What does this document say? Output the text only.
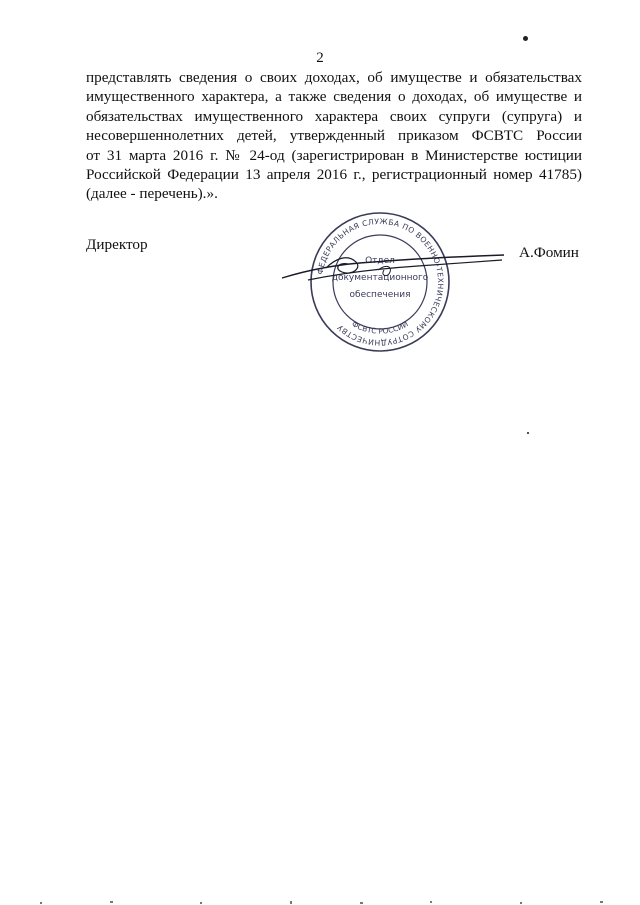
2
представлять сведения о своих доходах, об имуществе и обязательствах
имущественного характера, а также сведения о доходах, об имуществе и
обязательствах имущественного характера своих супруги (супруга) и
несовершеннолетних детей, утвержденный приказом ФСВТС России
от 31 марта 2016 г. № 24-од (зарегистрирован в Министерстве юстиции
Российской Федерации 13 апреля 2016 г., регистрационный номер 41785)
(далее - перечень).».
Директор	А.Фомин
ФЕДЕРАЛЬНАЯ СЛУЖБА ПО ВОЕННО-ТЕХНИЧЕСКОМУ СОТРУДНИЧЕСТВУ ФСВТС РОССИИ
Отдел
документационного
обеспечения
